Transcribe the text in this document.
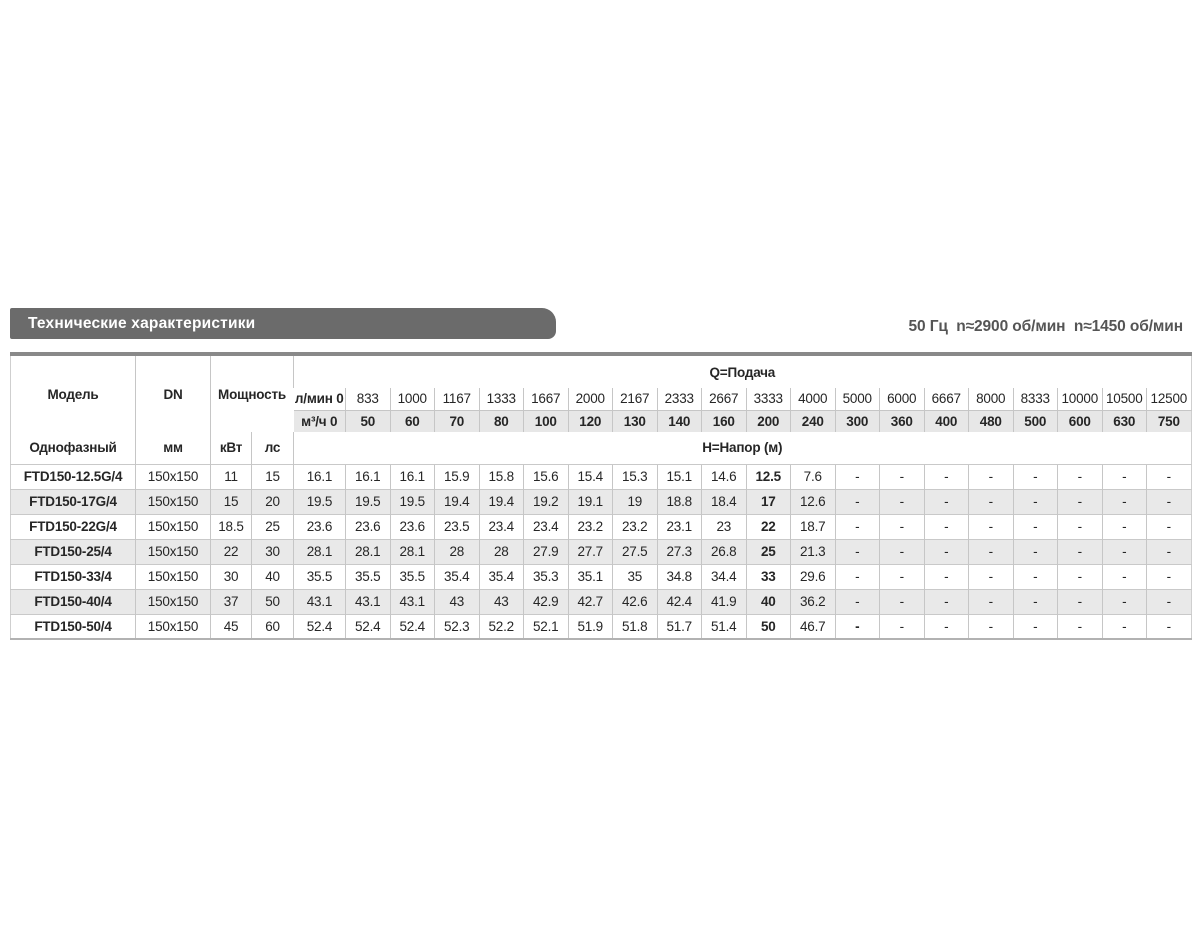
Технические характеристики	50 Гц  n≈2900 об/мин  n≈1450 об/мин
Модель	DN	Мощность		Q=Подача																			
				л/мин 0	833	1000	1167	1333	1667	2000	2167	2333	2667	3333	4000	5000	6000	6667	8000	8333	10000	10500	12500
				м³/ч 0	50	60	70	80	100	120	130	140	160	200	240	300	360	400	480	500	600	630	750
Однофазный	мм	кВт	лс	H=Напор (м)																			
FTD150-12.5G/4	150x150	11	15	16.1	16.1	16.1	15.9	15.8	15.6	15.4	15.3	15.1	14.6	12.5	7.6	-	-	-	-	-	-	-	-
FTD150-17G/4	150x150	15	20	19.5	19.5	19.5	19.4	19.4	19.2	19.1	19	18.8	18.4	17	12.6	-	-	-	-	-	-	-	-
FTD150-22G/4	150x150	18.5	25	23.6	23.6	23.6	23.5	23.4	23.4	23.2	23.2	23.1	23	22	18.7	-	-	-	-	-	-	-	-
FTD150-25/4	150x150	22	30	28.1	28.1	28.1	28	28	27.9	27.7	27.5	27.3	26.8	25	21.3	-	-	-	-	-	-	-	-
FTD150-33/4	150x150	30	40	35.5	35.5	35.5	35.4	35.4	35.3	35.1	35	34.8	34.4	33	29.6	-	-	-	-	-	-	-	-
FTD150-40/4	150x150	37	50	43.1	43.1	43.1	43	43	42.9	42.7	42.6	42.4	41.9	40	36.2	-	-	-	-	-	-	-	-
FTD150-50/4	150x150	45	60	52.4	52.4	52.4	52.3	52.2	52.1	51.9	51.8	51.7	51.4	50	46.7	-	-	-	-	-	-	-	-
